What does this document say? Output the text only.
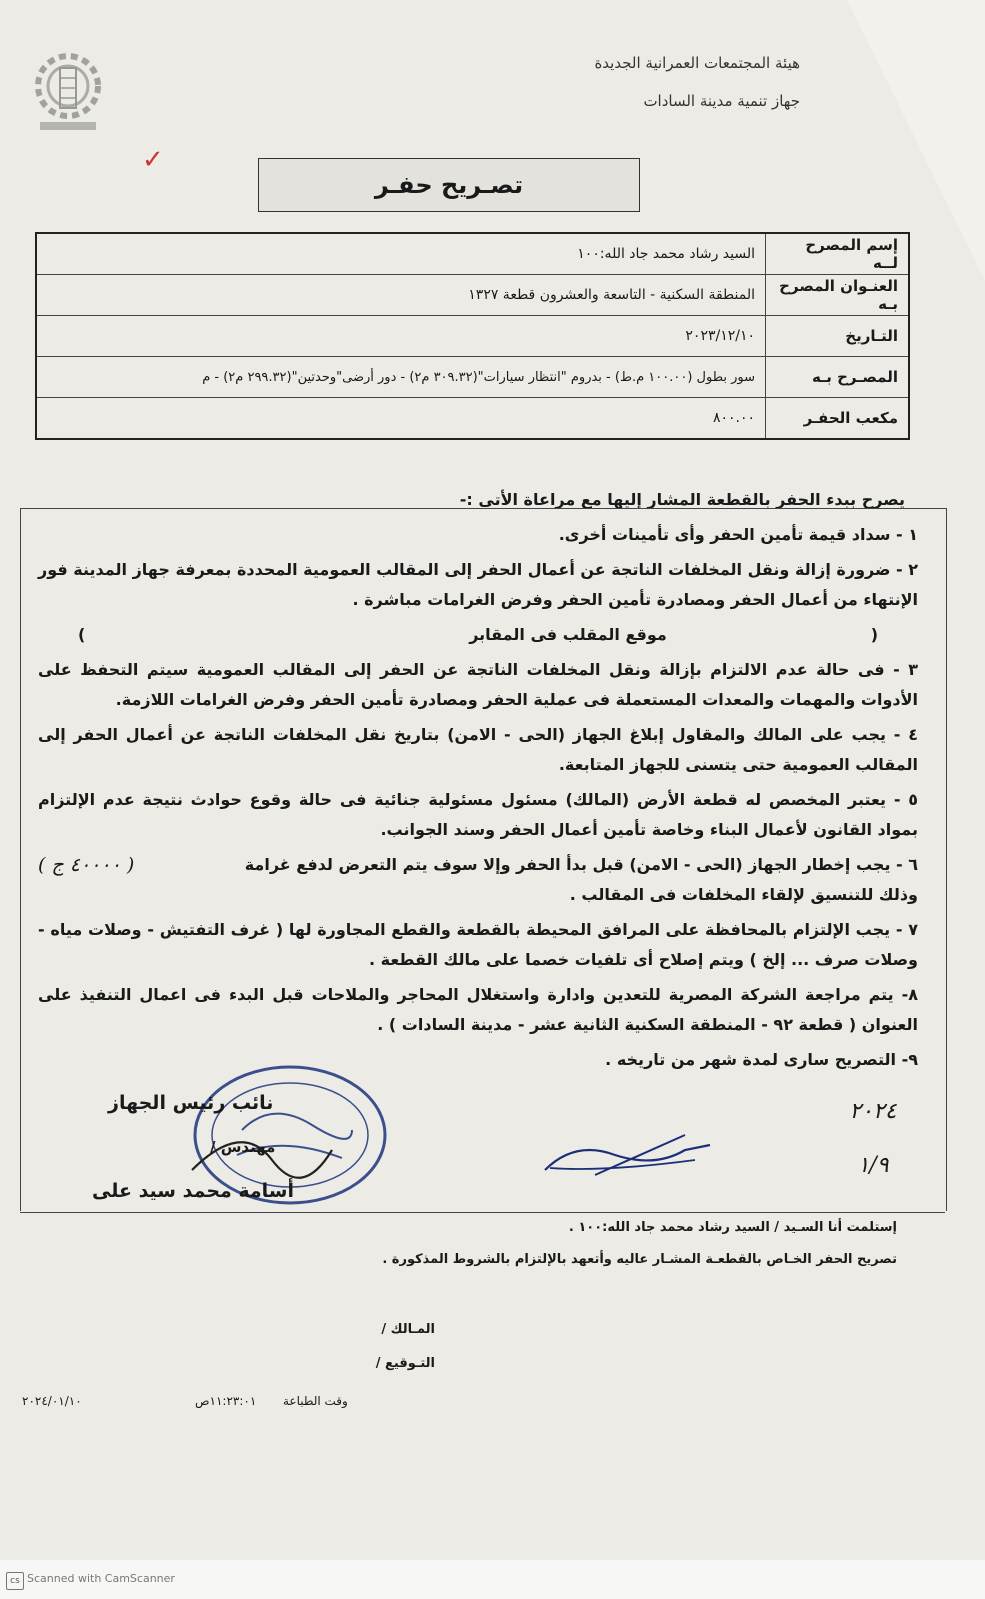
هيئة المجتمعات العمرانية الجديدة
جهاز تنمية مدينة السادات
✓
تصـريح حفـر
إسم المصرح لــه	السيد رشاد محمد جاد الله:١٠٠
العنـوان المصرح بـه	المنطقة السكنية - التاسعة والعشرون قطعة ١٣٢٧
التـاريخ	٢٠٢٣/١٢/١٠
المصـرح بـه	سور بطول (١٠٠.٠٠ م.ط) - بدروم "انتظار سيارات"(٣٠٩.٣٢ م٢) - دور أرضى"وحدتين"(٢٩٩.٣٢ م٢) - م
مكعب الحفـر	٨٠٠.٠٠
يصرح ببدء الحفر بالقطعة المشار إليها مع مراعاة الأتى :-

١ - سداد قيمة تأمين الحفر وأى تأمينات أخرى.

٢ - ضرورة إزالة ونقل المخلفات الناتجة عن أعمال الحفر إلى المقالب العمومية المحددة بمعرفة جهاز المدينة فور الإنتهاء من أعمال الحفر ومصادرة تأمين الحفر وفرض الغرامات مباشرة .

(
موقع المقلب فى المقابر
)

٣ - فى حالة عدم الالتزام بإزالة ونقل المخلفات الناتجة عن الحفر إلى المقالب العمومية سيتم التحفظ على الأدوات والمهمات والمعدات المستعملة فى عملية الحفر ومصادرة تأمين الحفر وفرض الغرامات اللازمة.

٤ - يجب على المالك والمقاول إبلاغ الجهاز (الحى - الامن) بتاريخ نقل المخلفات الناتجة عن أعمال الحفر إلى المقالب العمومية حتى يتسنى للجهاز المتابعة.

٥ - يعتبر المخصص له قطعة الأرض (المالك) مسئول مسئولية جنائية فى حالة وقوع حوادث نتيجة عدم الإلتزام بمواد القانون لأعمال البناء وخاصة تأمين أعمال الحفر وسند الجوانب.

٦ - يجب إخطار الجهاز (الحى - الامن) قبل بدأ الحفر وإلا سوف يتم التعرض لدفع غرامة
( ٤٠٠٠٠ ج )

وذلك للتنسيق لإلقاء المخلفات فى المقالب .

٧ - يجب الإلتزام بالمحافظة على المرافق المحيطة بالقطعة والقطع المجاورة لها ( غرف التفتيش - وصلات مياه - وصلات صرف ... إلخ ) ويتم إصلاح أى تلفيات خصما على مالك القطعة .

٨- يتم مراجعة الشركة المصرية للتعدين وادارة واستغلال المحاجر والملاحات قبل البدء فى اعمال التنفيذ على العنوان ( قطعة ٩٢ - المنطقة السكنية الثانية عشر - مدينة السادات ) .

٩- التصريح سارى لمدة شهر من تاريخه .

نائب رئيس الجهاز
مهندس /
أسامة محمد سيد على
٢٠٢٤
١/٩
إستلمت أنا السـيد / السيد رشاد محمد جاد الله:١٠٠ .
تصريح الحفر الخـاص بالقطعـة المشـار عاليه وأتعهد بالإلتزام بالشروط المذكورة .
المـالك /
التـوقيع /
وقت الطباعة       ١١:٢٣:٠١ص
٢٠٢٤/٠١/١٠
cs Scanned with CamScanner
